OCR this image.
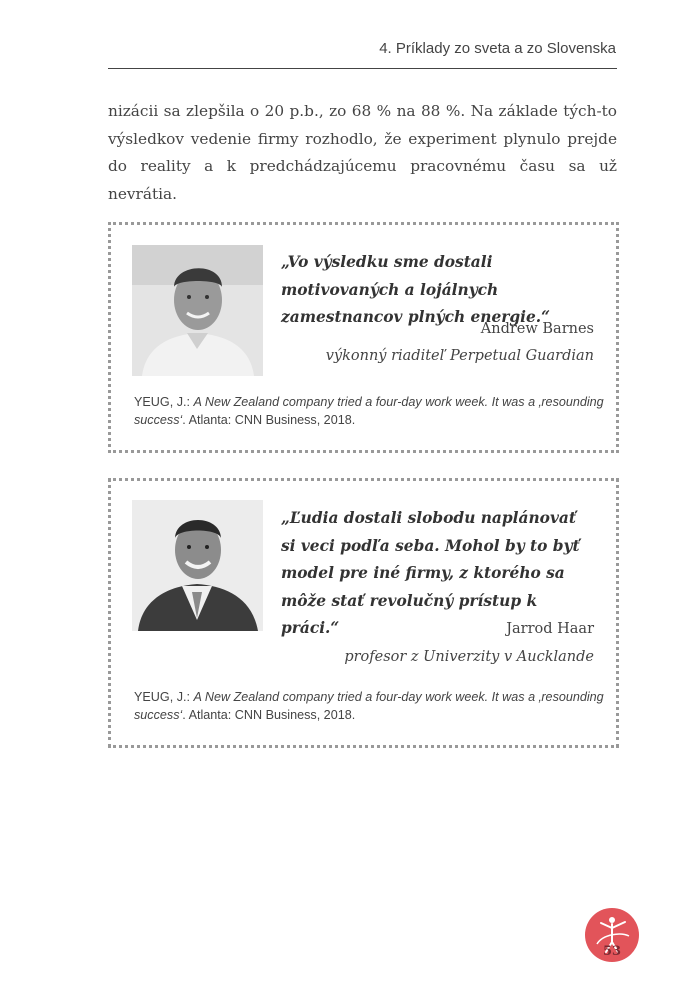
4. Príklady zo sveta a zo Slovenska

nizácii sa zlepšila o 20 p.b., zo 68 % na 88 %. Na základe tých-to výsledkov vedenie firmy rozhodlo, že experiment plynulo prejde do reality a k predchádzajúcemu pracovnému času sa už nevrátia.

„Vo výsledku sme dostali motivovaných a lojálnych zamestnancov plných energie.“

Andrew Barnes
výkonný riaditeľ Perpetual Guardian

YEUG, J.: A New Zealand company tried a four-day work week. It was a ‚resounding success‘. Atlanta: CNN Business, 2018.

„Ľudia dostali slobodu naplánovať si veci podľa seba. Mohol by to byť model pre iné firmy, z ktorého sa môže stať revolučný prístup k práci.“	Jarrod Haar
profesor z Univerzity v Aucklande

YEUG, J.: A New Zealand company tried a four-day work week. It was a ‚resounding success‘. Atlanta: CNN Business, 2018.

53
